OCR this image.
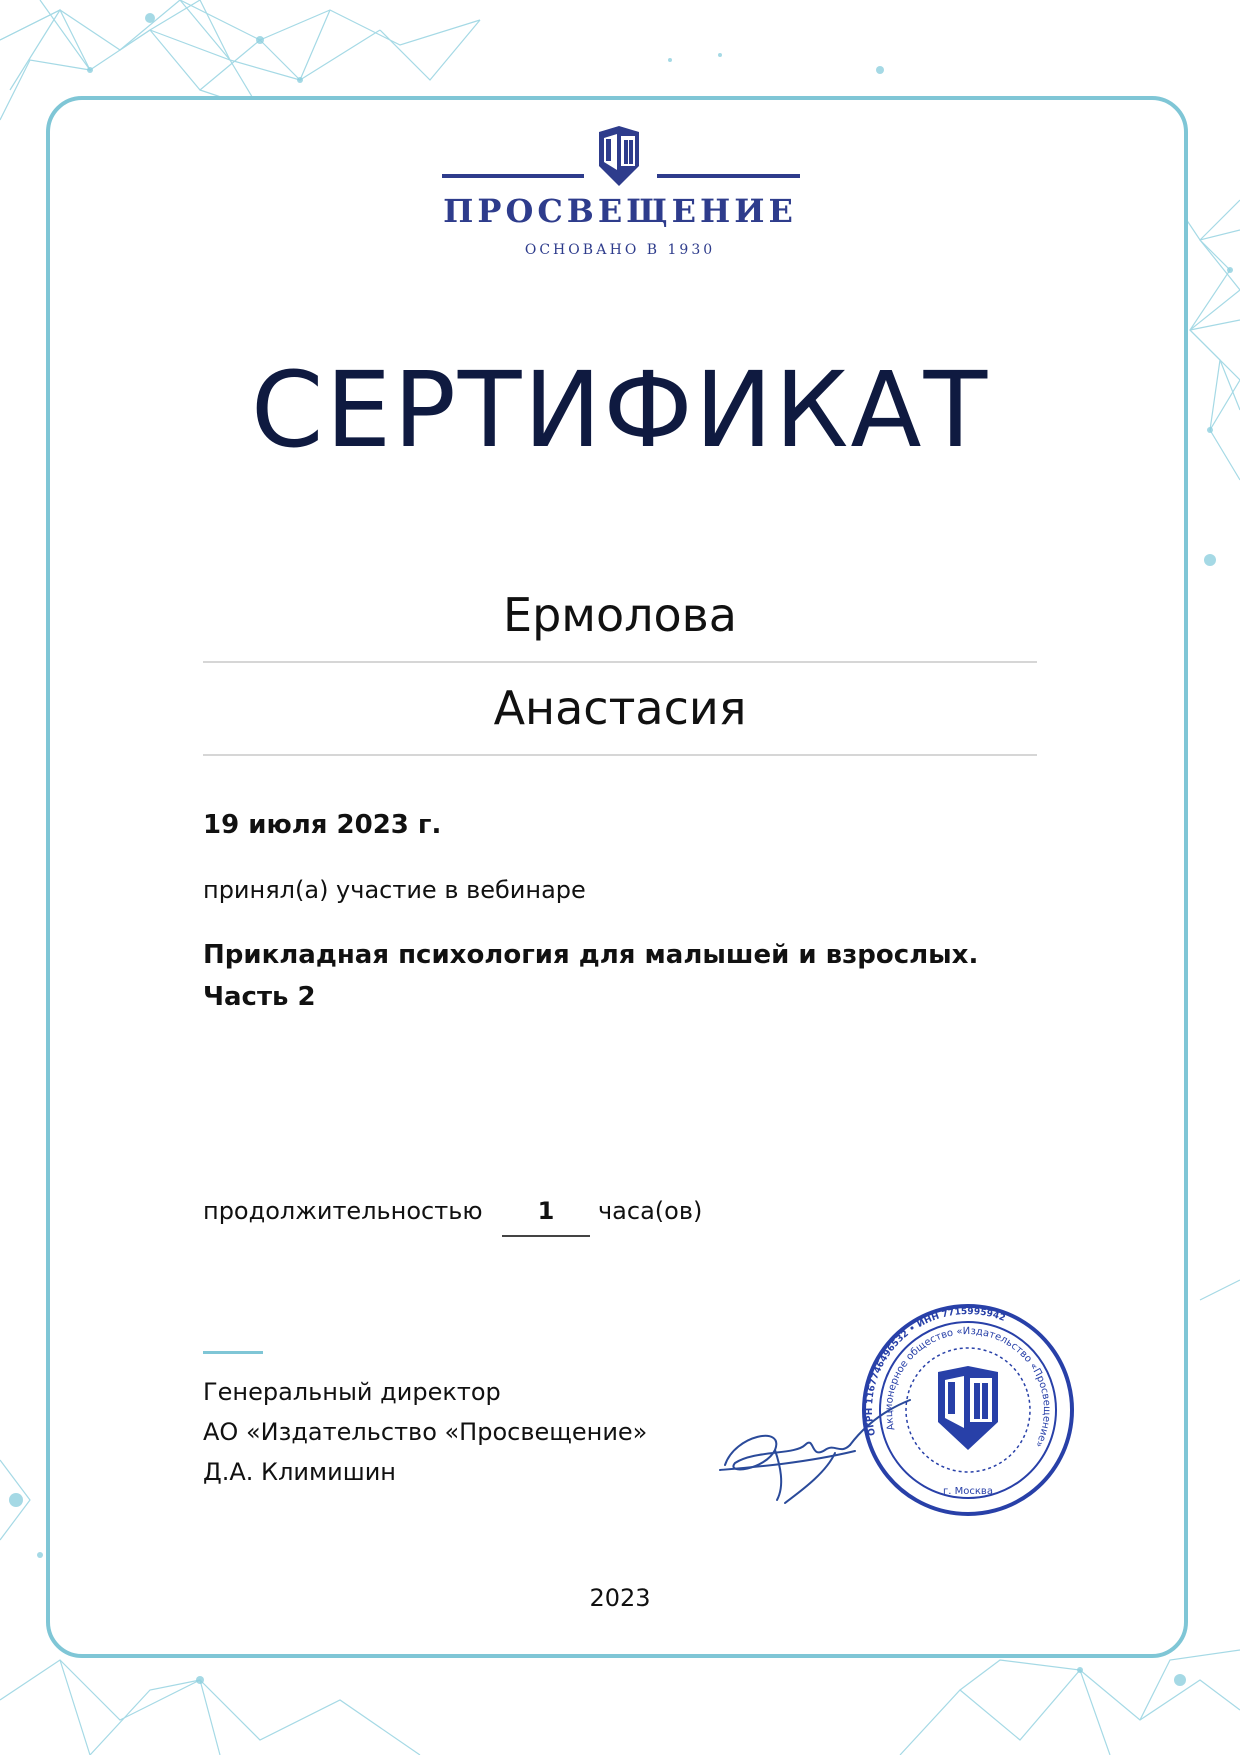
ПРОСВЕЩЕНИЕ
ОСНОВАНО В 1930
СЕРТИФИКАТ
Ермолова
Анастасия
19 июля 2023 г.
принял(а) участие в вебинаре
Прикладная психология для малышей и взрослых. Часть 2
продолжительностью	1	часа(ов)
Генеральный директор
АО «Издательство «Просвещение»
Д.А. Климишин
ОГРН 1167746496532 • ИНН 7715995942
Акционерное общество «Издательство «Просвещение»
г. Москва
2023
